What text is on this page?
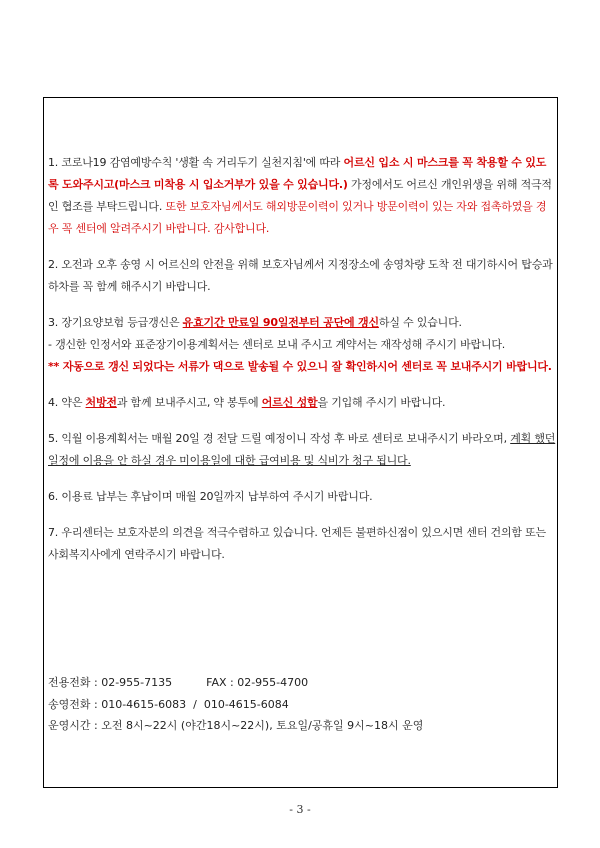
1. 코로나19 감염예방수칙 '생활 속 거리두기 실천지침'에 따라 어르신 입소 시 마스크를 꼭 착용할 수 있도록 도와주시고(마스크 미착용 시 입소거부가 있을 수 있습니다.) 가정에서도 어르신 개인위생을 위해 적극적인 협조를 부탁드립니다. 또한 보호자님께서도 해외방문이력이 있거나 방문이력이 있는 자와 접촉하였을 경우 꼭 센터에 알려주시기 바랍니다. 감사합니다.

2. 오전과 오후 송영 시 어르신의 안전을 위해 보호자님께서 지정장소에 송영차량 도착 전 대기하시어 탑승과 하차를 꼭 함께 해주시기 바랍니다.

3. 장기요양보험 등급갱신은 유효기간 만료일 90일전부터 공단에 갱신하실 수 있습니다.
- 갱신한 인정서와 표준장기이용계획서는 센터로 보내 주시고 계약서는 재작성해 주시기 바랍니다.
** 자동으로 갱신 되었다는 서류가 댁으로 발송될 수 있으니 잘 확인하시어 센터로 꼭 보내주시기 바랍니다.

4. 약은 처방전과 함께 보내주시고, 약 봉투에 어르신 성함을 기입해 주시기 바랍니다.

5. 익월 이용계획서는 매월 20일 경 전달 드릴 예정이니 작성 후 바로 센터로 보내주시기 바라오며, 계획 했던 일정에 이용을 안 하실 경우 미이용일에 대한 급여비용 및 식비가 청구 됩니다.

6. 이용료 납부는 후납이며 매월 20일까지 납부하여 주시기 바랍니다.

7. 우리센터는 보호자분의 의견을 적극수렴하고 있습니다. 언제든 불편하신점이 있으시면 센터 건의함 또는 사회복지사에게 연락주시기 바랍니다.

이용료 입금계좌 : 하나은행 592-910001-65604
(예금주 : 도봉실버데이케어센터)
전용전화 : 02-955-7135	FAX : 02-955-4700
송영전화 : 010-4615-6083  /  010-4615-6084
운영시간 : 오전 8시~22시 (야간18시~22시), 토요일/공휴일 9시~18시 운영
- 3 -
